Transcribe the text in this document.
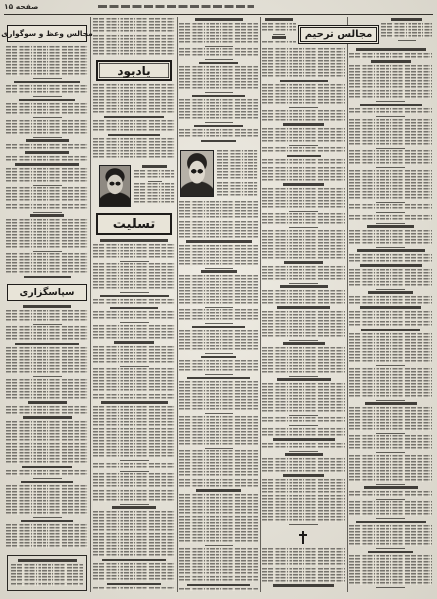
صفحه ۱۵
مجالس وعظ و سوگواری
سپاسگزاری
یادبود
تسلیت
مجالس ترحیم
